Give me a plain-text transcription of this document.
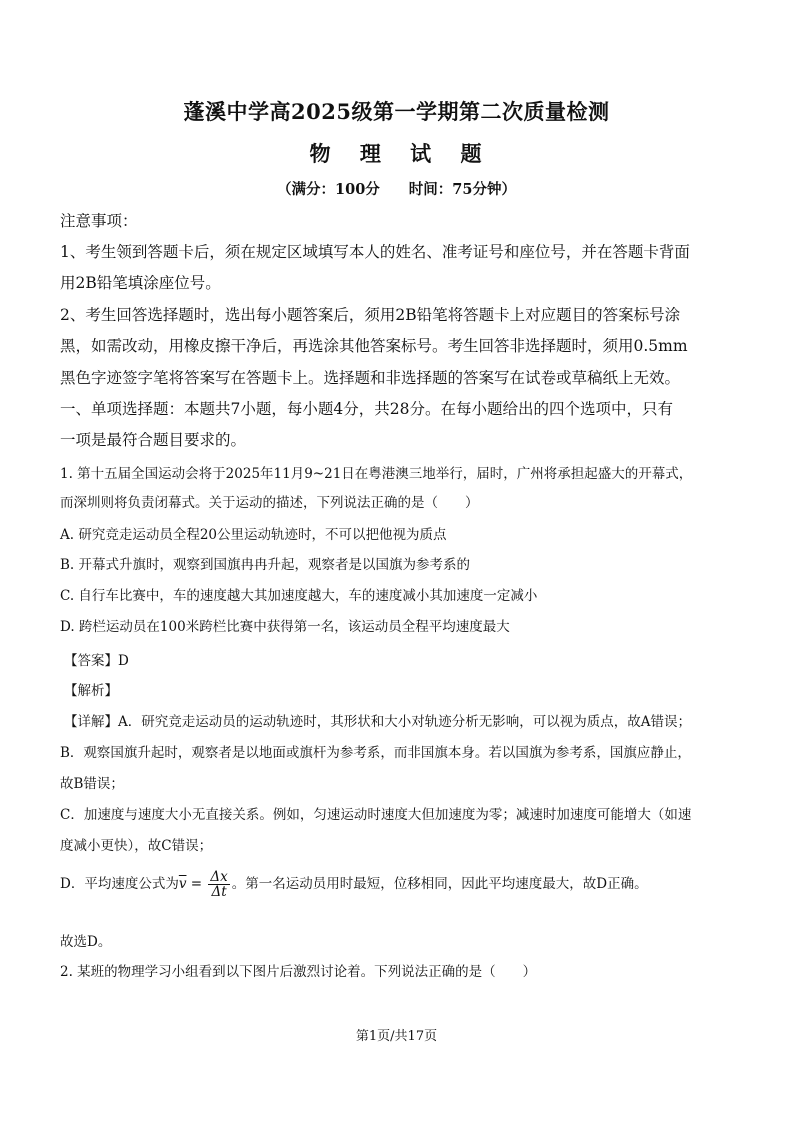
蓬溪中学高2025级第一学期第二次质量检测
物 理 试 题
（满分：100分　　时间：75分钟）
注意事项：
1、考生领到答题卡后，须在规定区域填写本人的姓名、准考证号和座位号，并在答题卡背面
用2B铅笔填涂座位号。
2、考生回答选择题时，选出每小题答案后，须用2B铅笔将答题卡上对应题目的答案标号涂
黑，如需改动，用橡皮擦干净后，再选涂其他答案标号。考生回答非选择题时，须用0.5mm
黑色字迹签字笔将答案写在答题卡上。选择题和非选择题的答案写在试卷或草稿纸上无效。
一、单项选择题：本题共7小题，每小题4分，共28分。在每小题给出的四个选项中，只有
一项是最符合题目要求的。
1. 第十五届全国运动会将于2025年11月9~21日在粤港澳三地举行，届时，广州将承担起盛大的开幕式，
而深圳则将负责闭幕式。关于运动的描述，下列说法正确的是（　　）
A. 研究竞走运动员全程20公里运动轨迹时，不可以把他视为质点
B. 开幕式升旗时，观察到国旗冉冉升起，观察者是以国旗为参考系的
C. 自行车比赛中，车的速度越大其加速度越大，车的速度减小其加速度一定减小
D. 跨栏运动员在100米跨栏比赛中获得第一名，该运动员全程平均速度最大
【答案】D
【解析】
【详解】A．研究竞走运动员的运动轨迹时，其形状和大小对轨迹分析无影响，可以视为质点，故A错误；
B．观察国旗升起时，观察者是以地面或旗杆为参考系，而非国旗本身。若以国旗为参考系，国旗应静止，
故B错误；
C．加速度与速度大小无直接关系。例如，匀速运动时速度大但加速度为零；减速时加速度可能增大（如速
度减小更快），故C错误；
D．平均速度公式为$\overline{v} = \frac{\Delta x}{\Delta t}$ 。第一名运动员用时最短，位移相同，因此平均速度最大，故D正确。
故选D。
2. 某班的物理学习小组看到以下图片后激烈讨论着。下列说法正确的是（　　）
第1页/共17页
